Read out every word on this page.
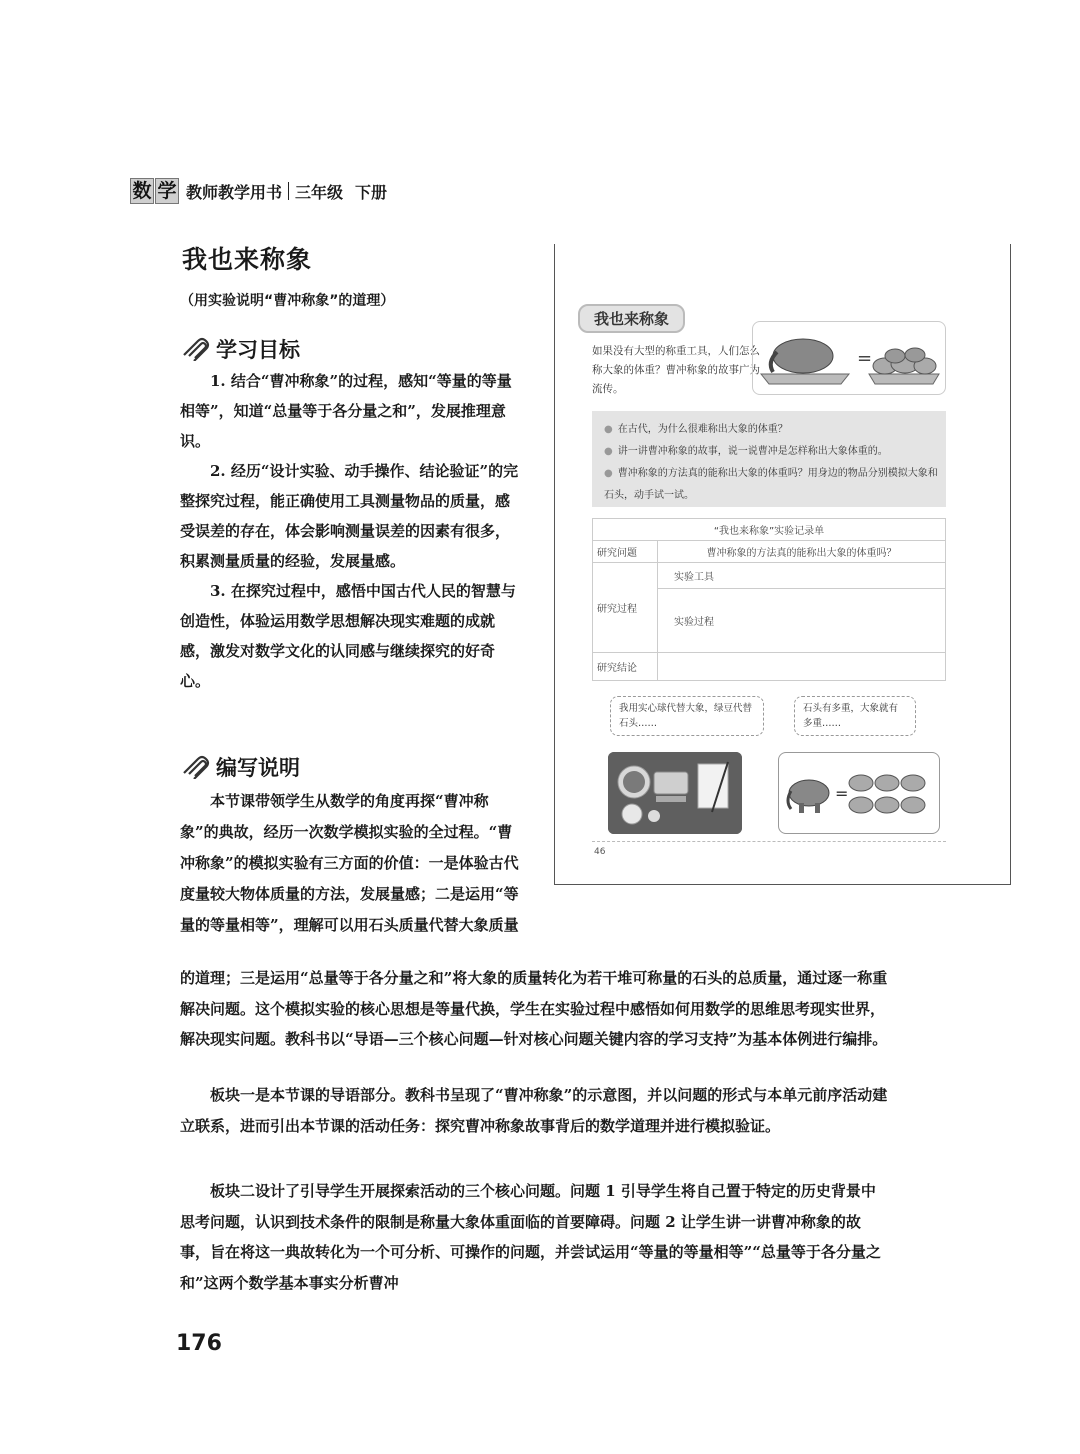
数 学 教师教学用书 三年级 下册
我也来称象
（用实验说明“曹冲称象”的道理）
学习目标

1. 结合“曹冲称象”的过程，感知“等量的等量相等”，知道“总量等于各分量之和”，发展推理意识。

2. 经历“设计实验、动手操作、结论验证”的完整探究过程，能正确使用工具测量物品的质量，感受误差的存在，体会影响测量误差的因素有很多，积累测量质量的经验，发展量感。

3. 在探究过程中，感悟中国古代人民的智慧与创造性，体验运用数学思想解决现实难题的成就感，激发对数学文化的认同感与继续探究的好奇心。

编写说明
本节课带领学生从数学的角度再探“曹冲称象”的典故，经历一次数学模拟实验的全过程。“曹冲称象”的模拟实验有三方面的价值：一是体验古代度量较大物体质量的方法，发展量感；二是运用“等量的等量相等”，理解可以用石头质量代替大象质量
的道理；三是运用“总量等于各分量之和”将大象的质量转化为若干堆可称量的石头的总质量，通过逐一称重解决问题。这个模拟实验的核心思想是等量代换，学生在实验过程中感悟如何用数学的思维思考现实世界，解决现实问题。教科书以“导语—三个核心问题—针对核心问题关键内容的学习支持”为基本体例进行编排。
板块一是本节课的导语部分。教科书呈现了“曹冲称象”的示意图，并以问题的形式与本单元前序活动建立联系，进而引出本节课的活动任务：探究曹冲称象故事背后的数学道理并进行模拟验证。
板块二设计了引导学生开展探索活动的三个核心问题。问题 1 引导学生将自己置于特定的历史背景中思考问题，认识到技术条件的限制是称量大象体重面临的首要障碍。问题 2 让学生讲一讲曹冲称象的故事，旨在将这一典故转化为一个可分析、可操作的问题，并尝试运用“等量的等量相等”“总量等于各分量之和”这两个数学基本事实分析曹冲
176
我也来称象
如果没有大型的称重工具，人们怎么称大象的体重？曹冲称象的故事广为流传。
=
● 在古代，为什么很难称出大象的体重？
● 讲一讲曹冲称象的故事，说一说曹冲是怎样称出大象体重的。
● 曹冲称象的方法真的能称出大象的体重吗？用身边的物品分别模拟大象和石头，动手试一试。
“我也来称象”实验记录单	
研究问题	曹冲称象的方法真的能称出大象的体重吗？
研究过程	实验工具
	实验过程
研究结论	
我用实心球代替大象，绿豆代替石头……
石头有多重，大象就有多重……
=
46
